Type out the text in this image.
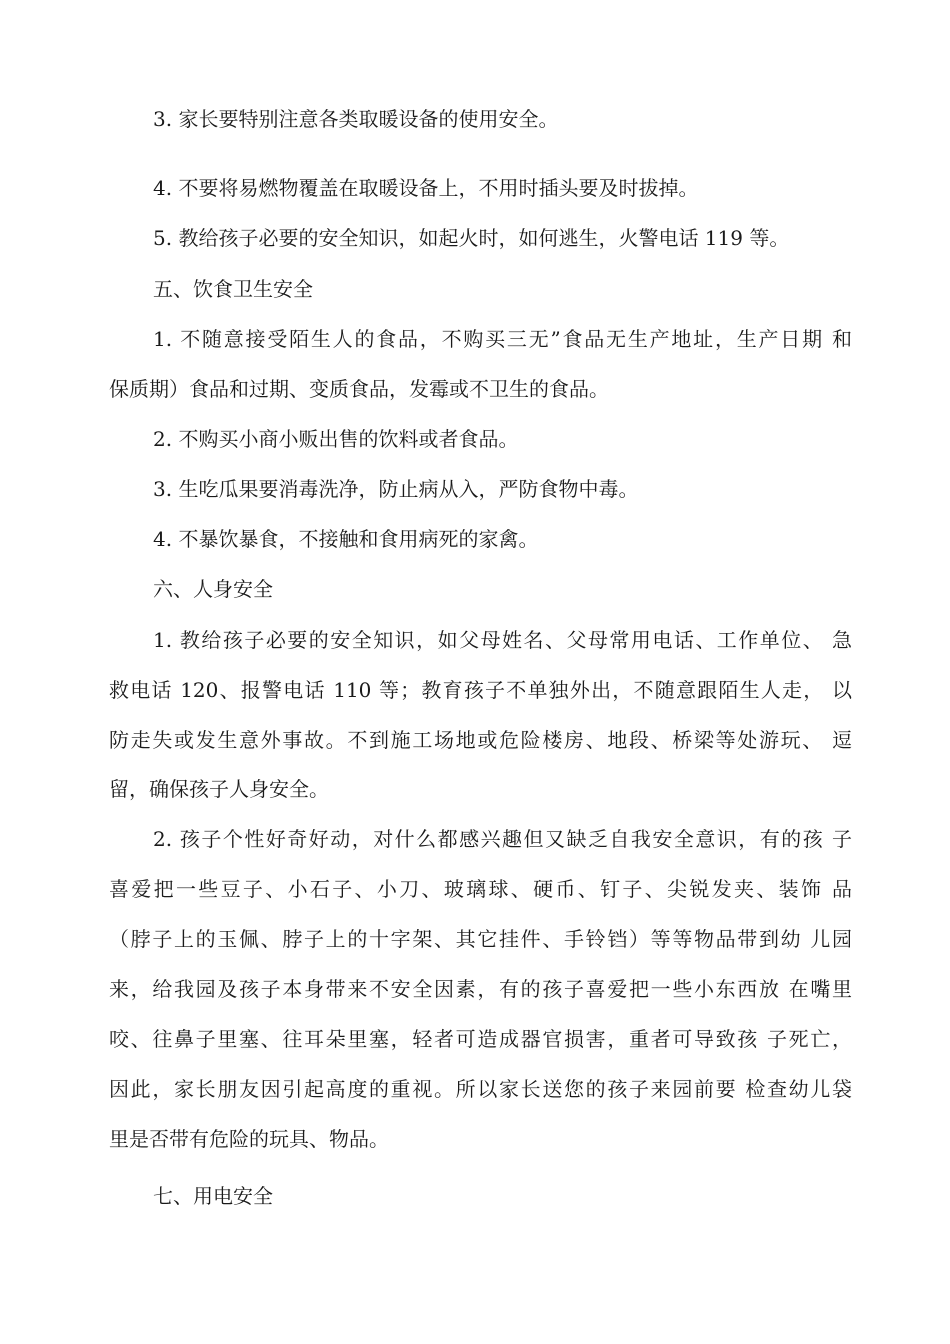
3. 家长要特别注意各类取暖设备的使用安全。

4. 不要将易燃物覆盖在取暖设备上，不用时插头要及时拔掉。

5. 教给孩子必要的安全知识，如起火时，如何逃生，火警电话 119 等。

五、饮食卫生安全

1. 不随意接受陌生人的食品，不购买三无”食品无生产地址，生产日期 和

保质期）食品和过期、变质食品，发霉或不卫生的食品。

2. 不购买小商小贩出售的饮料或者食品。

3. 生吃瓜果要消毒洗净，防止病从入，严防食物中毒。

4. 不暴饮暴食，不接触和食用病死的家禽。

六、人身安全

1. 教给孩子必要的安全知识，如父母姓名、父母常用电话、工作单位、 急

救电话 120、报警电话 110 等；教育孩子不单独外出，不随意跟陌生人走， 以

防走失或发生意外事故。不到施工场地或危险楼房、地段、桥梁等处游玩、 逗

留，确保孩子人身安全。

2. 孩子个性好奇好动，对什么都感兴趣但又缺乏自我安全意识，有的孩 子

喜爱把一些豆子、小石子、小刀、玻璃球、硬币、钉子、尖锐发夹、装饰 品

（脖子上的玉佩、脖子上的十字架、其它挂件、手铃铛）等等物品带到幼 儿园

来，给我园及孩子本身带来不安全因素，有的孩子喜爱把一些小东西放 在嘴里

咬、往鼻子里塞、往耳朵里塞，轻者可造成器官损害，重者可导致孩 子死亡，

因此，家长朋友因引起高度的重视。所以家长送您的孩子来园前要 检查幼儿袋

里是否带有危险的玩具、物品。

七、用电安全
